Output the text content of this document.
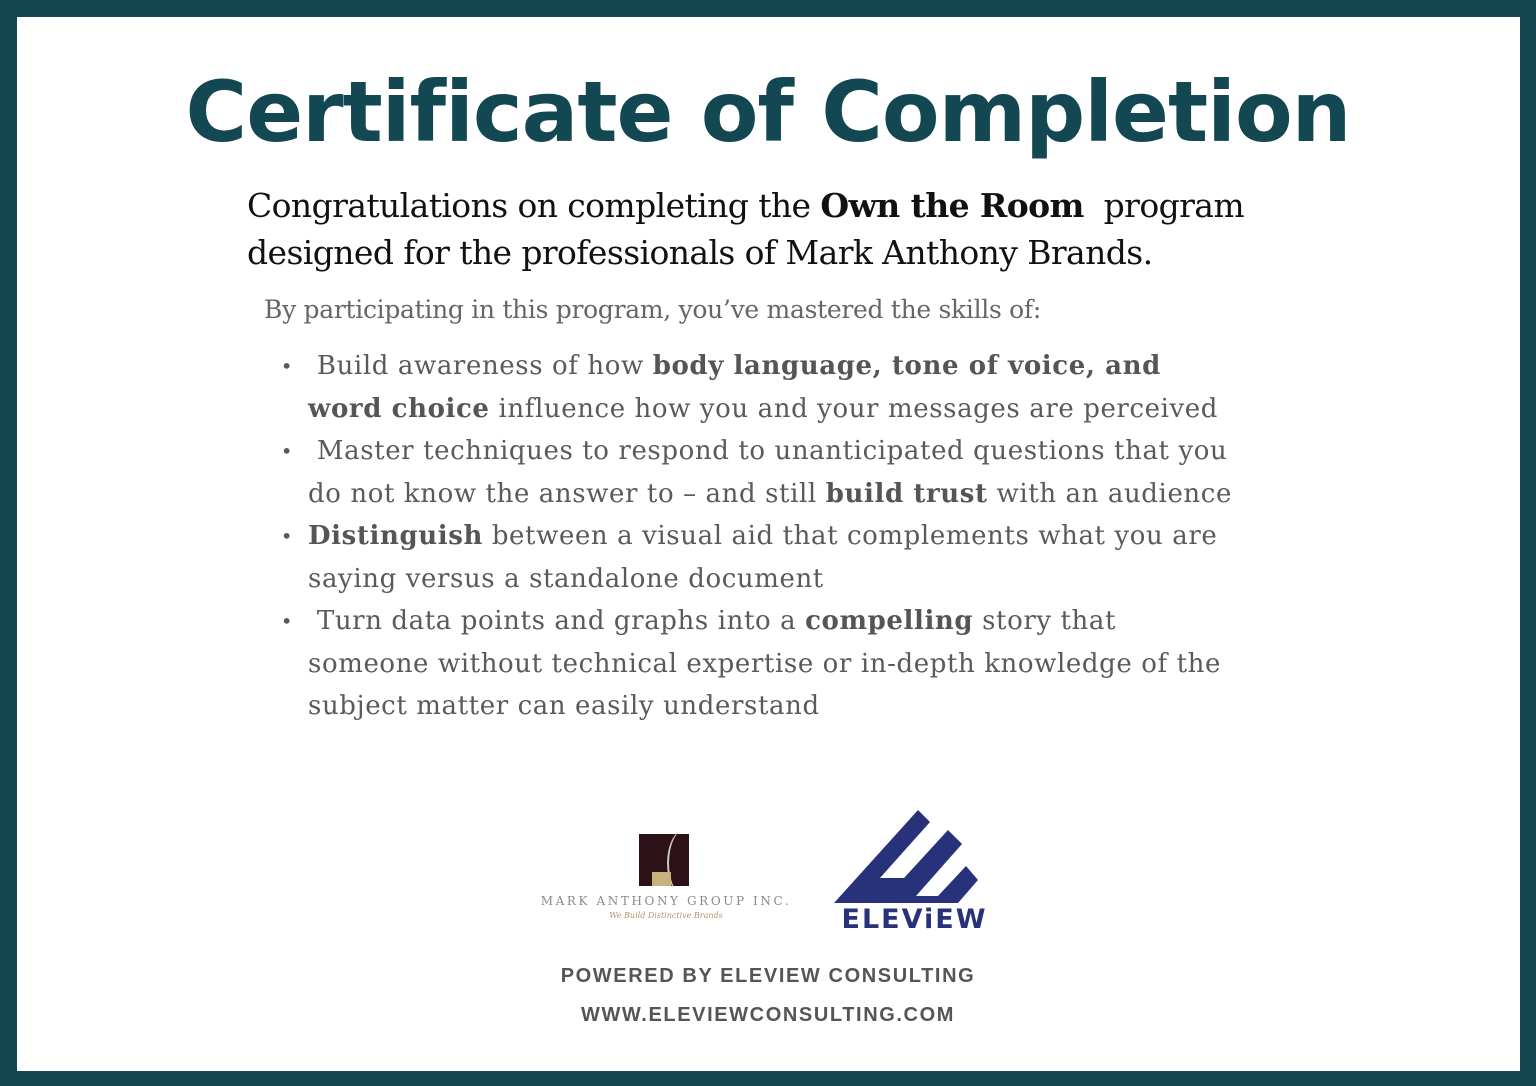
Certificate of Completion
Congratulations on completing the Own the Room  program
designed for the professionals of Mark Anthony Brands.

By participating in this program, you’ve mastered the skills of:

• Build awareness of how body language, tone of voice, and word choice influence how you and your messages are perceived
• Master techniques to respond to unanticipated questions that you do not know the answer to – and still build trust with an audience
• Distinguish between a visual aid that complements what you are saying versus a standalone document
• Turn data points and graphs into a compelling story that someone without technical expertise or in-depth knowledge of the subject matter can easily understand
MARK ANTHONY GROUP INC.
We Build Distinctive Brands	ELEViEW
POWERED BY ELEVIEW CONSULTING
WWW.ELEVIEWCONSULTING.COM
